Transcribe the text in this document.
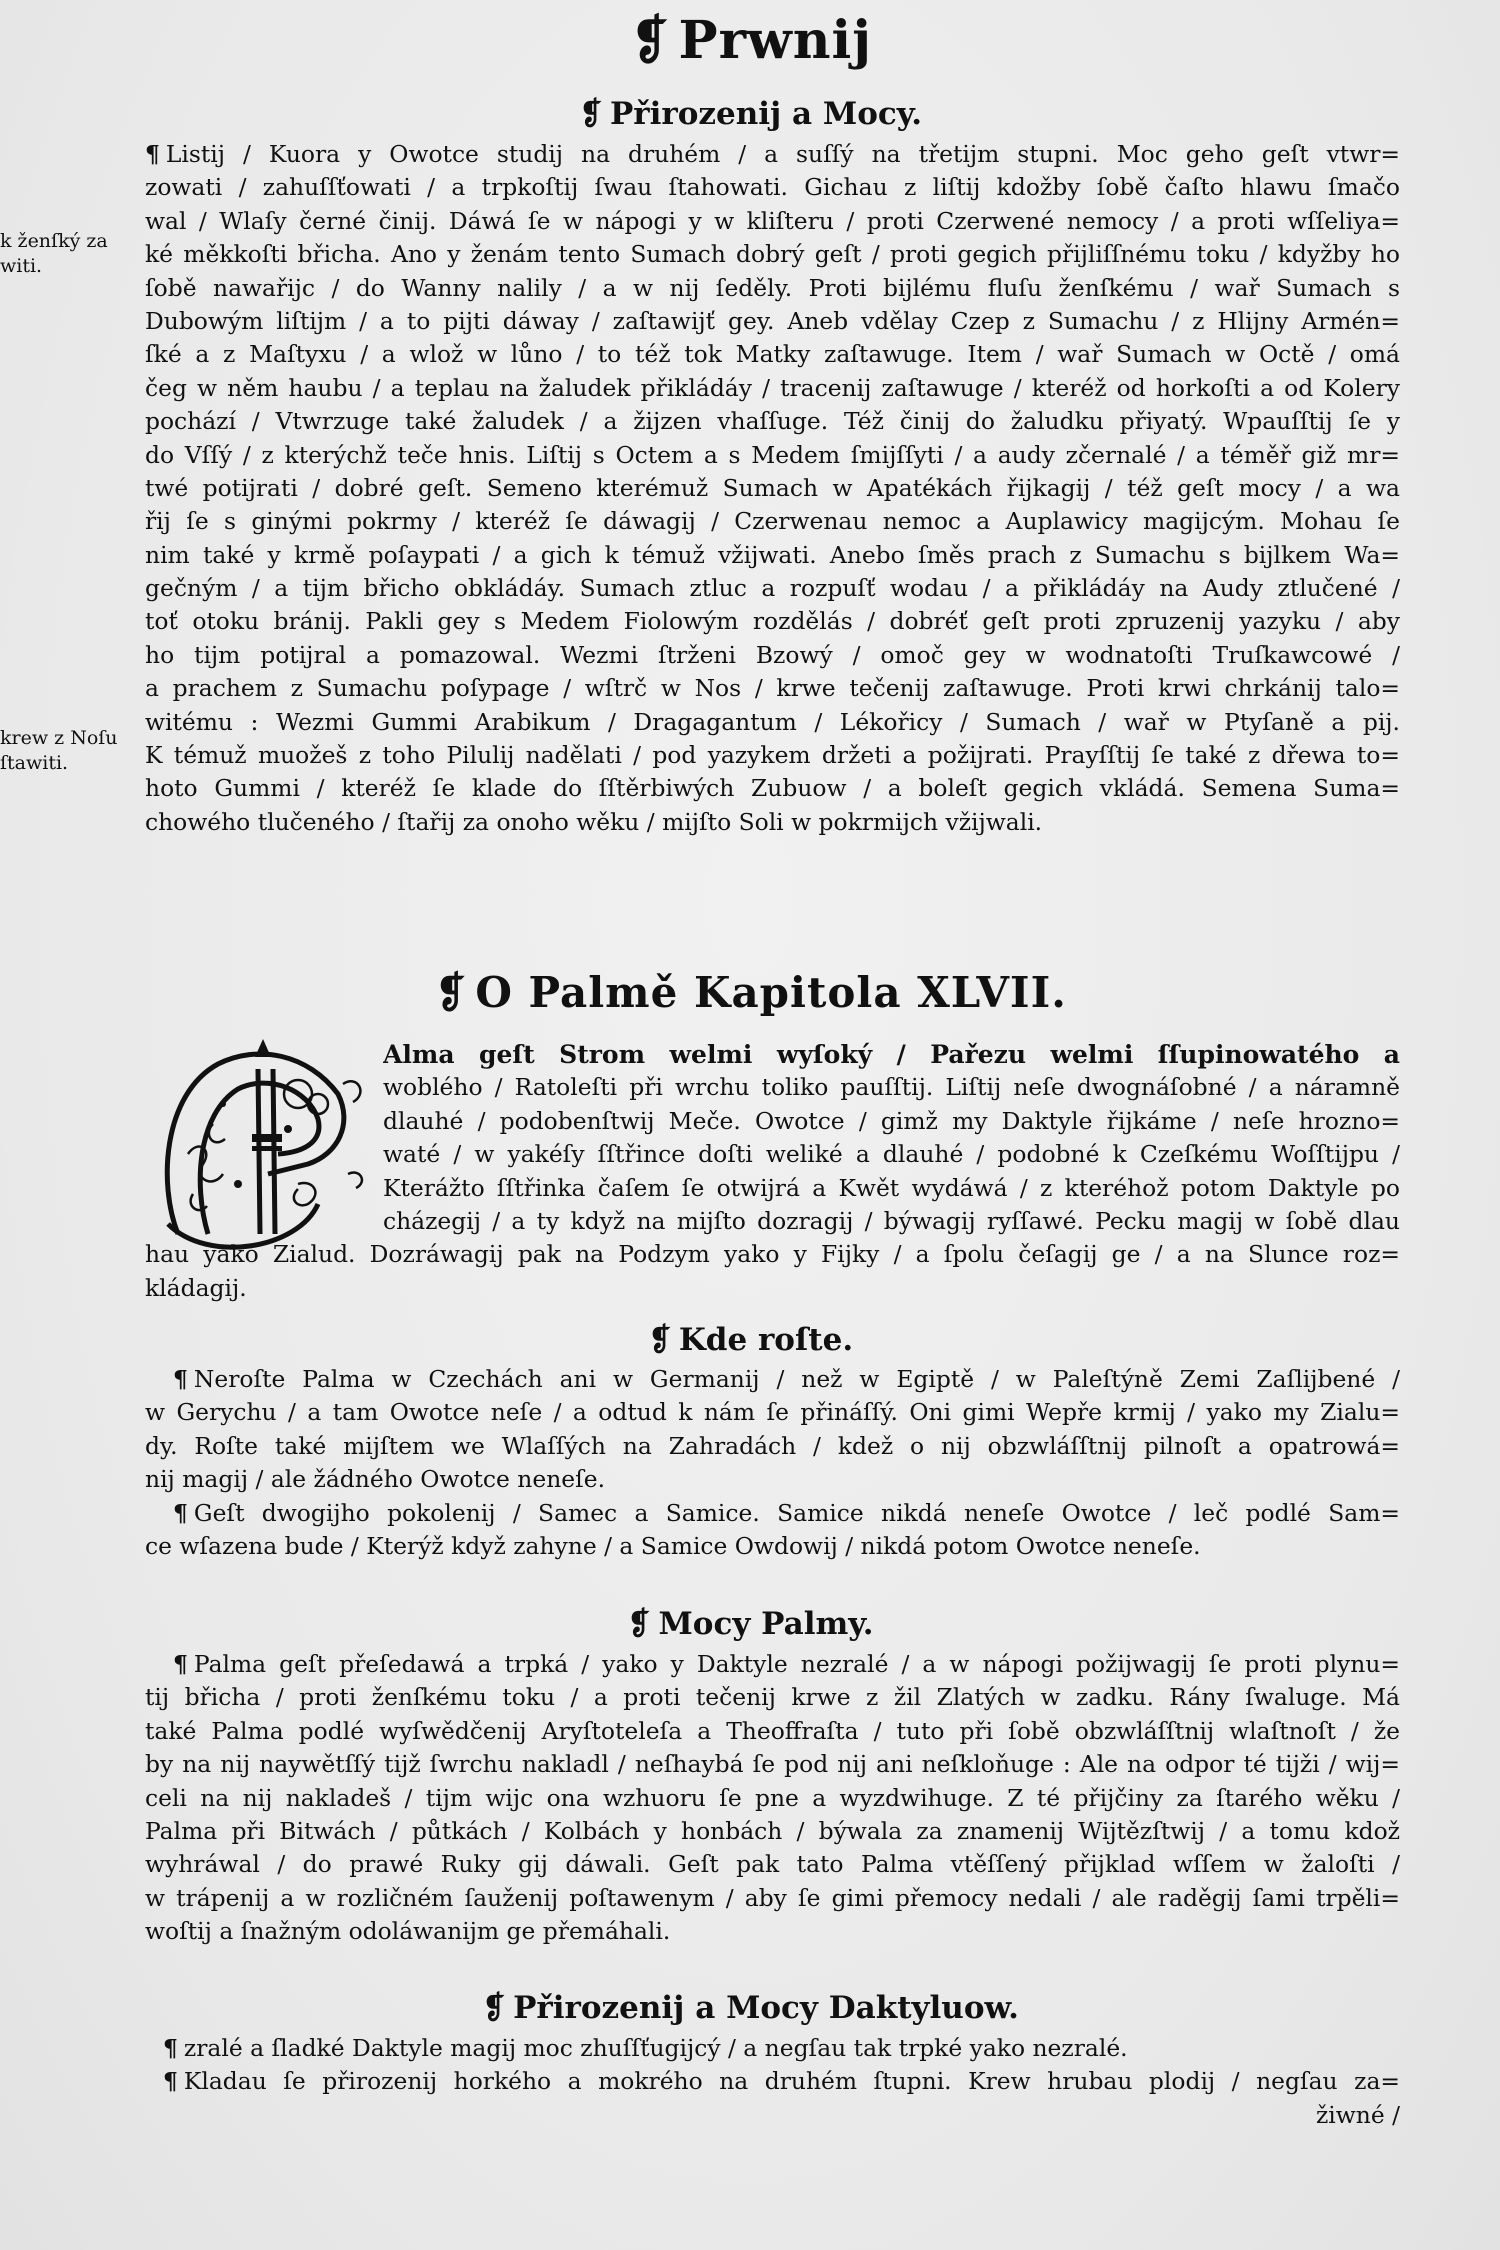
❡ Prwnij
❡ Přirozenij a Mocy.
k ženſký za
witi.
krew z Noſu
ſtawiti.
¶ Listij / Kuora y Owotce studij na druhém / a suſſý na třetijm stupni. Moc geho geſt vtwr=
zowati / zahuſſťowati / a trpkoſtij ſwau ſtahowati. Gichau z liſtij kdožby ſobě čaſto hlawu ſmačo
wal / Wlaſy černé činij. Dáwá ſe w nápogi y w kliſteru / proti Czerwené nemocy / a proti wſſeliya=
ké měkkoſti břicha. Ano y ženám tento Sumach dobrý geſt / proti gegich přijliſſnému toku / kdyžby ho
ſobě nawařijc / do Wanny nalily / a w nij ſeděly. Proti bijlému fluſu ženſkému / wař Sumach s
Dubowým liſtijm / a to pijti dáway / zaſtawijť gey. Aneb vdělay Czep z Sumachu / z Hlijny Armén=
ſké a z Maſtyxu / a wlož w lůno / to též tok Matky zaſtawuge. Item / wař Sumach w Octě / omá
čeg w něm haubu / a teplau na žaludek přikládáy / tracenij zaſtawuge / kteréž od horkoſti a od Kolery
pochází / Vtwrzuge také žaludek / a žijzen vhaſſuge. Též činij do žaludku přiyatý. Wpauſſtij ſe y
do Vſſý / z kterýchž teče hnis. Liſtij s Octem a s Medem ſmijſſyti / a audy zčernalé / a téměř giž mr=
twé potijrati / dobré geſt. Semeno kterémuž Sumach w Apatékách řijkagij / též geſt mocy / a wa
řij ſe s ginými pokrmy / kteréž ſe dáwagij / Czerwenau nemoc a Auplawicy magijcým. Mohau ſe
nim také y krmě poſaypati / a gich k témuž vžijwati. Anebo ſměs prach z Sumachu s bijlkem Wa=
gečným / a tijm břicho obkládáy. Sumach ztluc a rozpuſť wodau / a přikládáy na Audy ztlučené /
toť otoku bránij. Pakli gey s Medem Fiolowým rozdělás / dobréť geſt proti zpruzenij yazyku / aby
ho tijm potijral a pomazowal. Wezmi ſtrženi Bzowý / omoč gey w wodnatoſti Truſkawcowé /
a prachem z Sumachu poſypage / wſtrč w Nos / krwe tečenij zaſtawuge. Proti krwi chrkánij talo=
witému : Wezmi Gummi Arabikum / Dragagantum / Lékořicy / Sumach / wař w Ptyſaně a pij.
K témuž muožeš z toho Pilulij nadělati / pod yazykem držeti a požijrati. Prayſſtij ſe také z dřewa to=
hoto Gummi / kteréž ſe klade do ſſtěrbiwých Zubuow / a boleſt gegich vkládá. Semena Suma=
chowého tlučeného / ſtařij za onoho wěku / mijſto Soli w pokrmijch vžijwali.
❡ O Palmě Kapitola XLVII.
Alma geſt Strom welmi wyſoký / Pařezu welmi ſſupinowatého a
woblého / Ratoleſti při wrchu toliko pauſſtij. Liſtij neſe dwognáſobné / a náramně
dlauhé / podobenſtwij Meče. Owotce / gimž my Daktyle řijkáme / neſe hrozno=
waté / w yakéſy ſſtřince doſti weliké a dlauhé / podobné k Czeſkému Woſſtijpu /
Kterážto ſſtřinka čaſem ſe otwijrá a Kwět wydáwá / z kteréhož potom Daktyle po
cházegij / a ty když na mijſto dozragij / býwagij ryſſawé. Pecku magij w ſobě dlau
hau yako Zialud. Dozráwagij pak na Podzym yako y Fijky / a ſpolu čeſagij ge / a na Slunce roz=
kládagij.
❡ Kde roſte.
¶ Neroſte Palma w Czechách ani w Germanij / než w Egiptě / w Paleſtýně Zemi Zaſlijbené /
w Gerychu / a tam Owotce neſe / a odtud k nám ſe přináſſý. Oni gimi Wepře krmij / yako my Zialu=
dy. Roſte také mijſtem we Wlaſſých na Zahradách / kdež o nij obzwláſſtnij pilnoſt a opatrowá=
nij magij / ale žádného Owotce neneſe.
¶ Geſt dwogijho pokolenij / Samec a Samice. Samice nikdá neneſe Owotce / leč podlé Sam=
ce wſazena bude / Kterýž když zahyne / a Samice Owdowij / nikdá potom Owotce neneſe.
❡ Mocy Palmy.
¶ Palma geſt přeſedawá a trpká / yako y Daktyle nezralé / a w nápogi požijwagij ſe proti plynu=
tij břicha / proti ženſkému toku / a proti tečenij krwe z žil Zlatých w zadku. Rány ſwaluge. Má
také Palma podlé wyſwědčenij Aryſtoteleſa a Theoffraſta / tuto při ſobě obzwláſſtnij wlaſtnoſt / že
by na nij naywětſſý tijž ſwrchu nakladl / neſhaybá ſe pod nij ani neſkloňuge : Ale na odpor té tijži / wij=
celi na nij nakladeš / tijm wijc ona wzhuoru ſe pne a wyzdwihuge. Z té přijčiny za ſtarého wěku /
Palma při Bitwách / půtkách / Kolbách y honbách / býwala za znamenij Wijtězſtwij / a tomu kdož
wyhráwal / do prawé Ruky gij dáwali. Geſt pak tato Palma vtěſſený přijklad wſſem w žaloſti /
w trápenij a w rozličném ſauženij poſtawenym / aby ſe gimi přemocy nedali / ale raděgij ſami trpěli=
woſtij a ſnažným odoláwanijm ge přemáhali.
❡ Přirozenij a Mocy Daktyluow.
¶ zralé a ſladké Daktyle magij moc zhuſſťugijcý / a negſau tak trpké yako nezralé.
¶ Kladau ſe přirozenij horkého a mokrého na druhém ſtupni. Krew hrubau plodij / negſau za=
žiwné /
